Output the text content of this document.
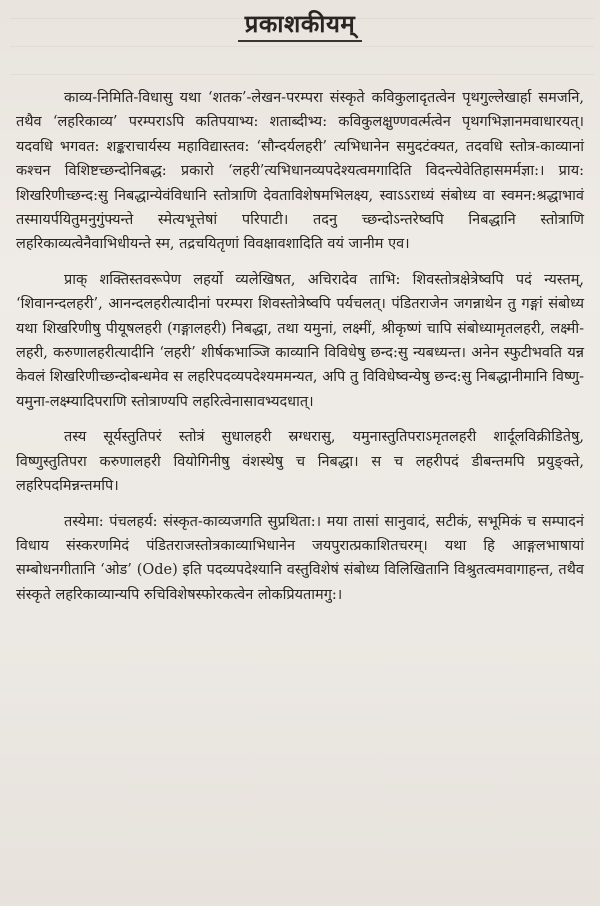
प्रकाशकीयम्

काव्य-निमिति-विधासु यथा ‘शतक’-लेखन-परम्परा संस्कृते कविकुलादृतत्वेन पृथगुल्लेखार्हा समजनि, तथैव ‘लहरिकाव्य’ परम्पराऽपि कतिपयाभ्य: शताब्दीभ्य: कविकुलक्षुण्णवर्त्मत्वेन पृथगभिज्ञानमवाधारयत्। यदवधि भगवत: शङ्कराचार्यस्य महाविद्यास्तव: ‘सौन्दर्यलहरी’ त्यभिधानेन समुदटंक्यत, तदवधि स्तोत्र-काव्यानां कश्चन विशिष्टच्छन्दोनिबद्ध: प्रकारो ‘लहरी’त्यभिधानव्यपदेश्यत्वमगादिति विदन्त्येवेतिहासमर्मज्ञा:। प्राय: शिखरिणीच्छन्द:सु निबद्धान्येवंविधानि स्तोत्राणि देवताविशेषमभिलक्ष्य, स्वाऽऽराध्यं संबोध्य वा स्वमन:श्रद्धाभावं तस्मायर्पयितुमनुगुंफ्यन्ते स्मेत्यभूत्तेषां परिपाटी। तदनु च्छन्दोऽन्तरेष्वपि निबद्धानि स्तोत्राणि लहरिकाव्यत्वेनैवाभिधीयन्ते स्म, तद्रचयितृणां विवक्षावशादिति वयं जानीम एव।

प्राक् शक्तिस्तवरूपेण लहर्यो व्यलेखिषत, अचिरादेव ताभि: शिवस्तोत्रक्षेत्रेष्वपि पदं न्यस्तम्, ‘शिवानन्दलहरी’, आनन्दलहरीत्यादीनां परम्परा शिवस्तोत्रेष्वपि पर्यचलत्। पंडितराजेन जगन्नाथेन तु गङ्गां संबोध्य यथा शिखरिणीषु पीयूषलहरी (गङ्गालहरी) निबद्धा, तथा यमुनां, लक्ष्मीं, श्रीकृष्णं चापि संबोध्यामृतलहरी, लक्ष्मी-लहरी, करुणालहरीत्यादीनि ‘लहरी’ शीर्षकभाञ्जि काव्यानि विविधेषु छन्द:सु न्यबध्यन्त। अनेन स्फुटीभवति यन्न केवलं शिखरिणीच्छन्दोबन्धमेव स लहरिपदव्यपदेश्यममन्यत, अपि तु विविधेष्वन्येषु छन्द:सु निबद्धानीमानि विष्णु-यमुना-लक्ष्म्यादिपराणि स्तोत्राण्यपि लहरित्वेनासावभ्यदधात्।

तस्य सूर्यस्तुतिपरं स्तोत्रं सुधालहरी स्रग्धरासु, यमुनास्तुतिपराऽमृतलहरी शार्दूलविक्रीडितेषु, विष्णुस्तुतिपरा करुणालहरी वियोगिनीषु वंशस्थेषु च निबद्धा। स च लहरीपदं डीबन्तमपि प्रयुङ्क्ते, लहरिपदमिन्नन्तमपि।

तस्येमा: पंचलहर्य: संस्कृत-काव्यजगति सुप्रथिता:। मया तासां सानुवादं, सटीकं, सभूमिकं च सम्पादनं विधाय संस्करणमिदं पंडितराजस्तोत्रकाव्याभिधानेन जयपुरात्प्रकाशितचरम्। यथा हि आङ्गलभाषायां सम्बोधनगीतानि ‘ओड’ (Ode) इति पदव्यपदेश्यानि वस्तुविशेषं संबोध्य विलिखितानि विश्रुतत्वमवागाहन्त, तथैव संस्कृते लहरिकाव्यान्यपि रुचिविशेषस्फोरकत्वेन लोकप्रियतामगु:।
